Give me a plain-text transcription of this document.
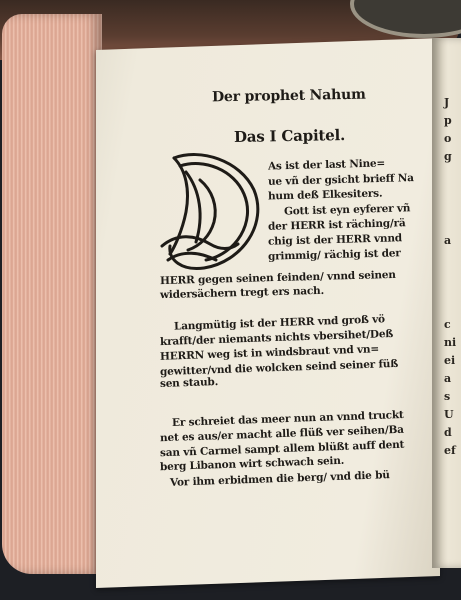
J
p
o
g
a
c
ni
ei
a
s
U
d
ef
Der prophet Nahum
Das I Capitel.
As ist der last Nine=
ue vñ der gsicht brieff Na
hum deß Elkesiters.
Gott ist eyn eyferer vñ
der HERR ist räching/rä
chig ist der HERR vnnd
grimmig/ rächig ist der
HERR gegen seinen feinden/ vnnd seinen
widersächern tregt ers nach.
Langmütig ist der HERR vnd groß vö
krafft/der niemants nichts vbersihet/Deß
HERRN weg ist in windsbraut vnd vn=
gewitter/vnd die wolcken seind seiner füß
sen staub.
Er schreiet das meer nun an vnnd truckt
net es aus/er macht alle flüß ver seihen/Ba
san vñ Carmel sampt allem blüßt auff dent
berg Libanon wirt schwach sein.
Vor ihm erbidmen die berg/ vnd die bü
